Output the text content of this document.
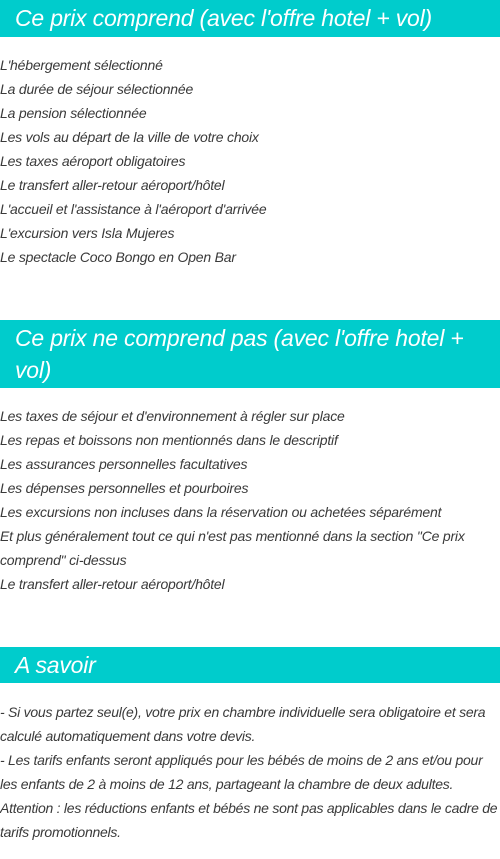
Ce prix comprend (avec l'offre hotel + vol)
L'hébergement sélectionné
La durée de séjour sélectionnée
La pension sélectionnée
Les vols au départ de la ville de votre choix
Les taxes aéroport obligatoires
Le transfert aller-retour aéroport/hôtel
L'accueil et l'assistance à l'aéroport d'arrivée
L'excursion vers Isla Mujeres
Le spectacle Coco Bongo en Open Bar
Ce prix ne comprend pas (avec l'offre hotel + vol)
Les taxes de séjour et d'environnement à régler sur place
Les repas et boissons non mentionnés dans le descriptif
Les assurances personnelles facultatives
Les dépenses personnelles et pourboires
Les excursions non incluses dans la réservation ou achetées séparément
Et plus généralement tout ce qui n'est pas mentionné dans la section "Ce prix comprend" ci-dessus
Le transfert aller-retour aéroport/hôtel
A savoir

- Si vous partez seul(e), votre prix en chambre individuelle sera obligatoire et sera calculé automatiquement dans votre devis.
- Les tarifs enfants seront appliqués pour les bébés de moins de 2 ans et/ou pour les enfants de 2 à moins de 12 ans, partageant la chambre de deux adultes.
Attention : les réductions enfants et bébés ne sont pas applicables dans le cadre de tarifs promotionnels.
